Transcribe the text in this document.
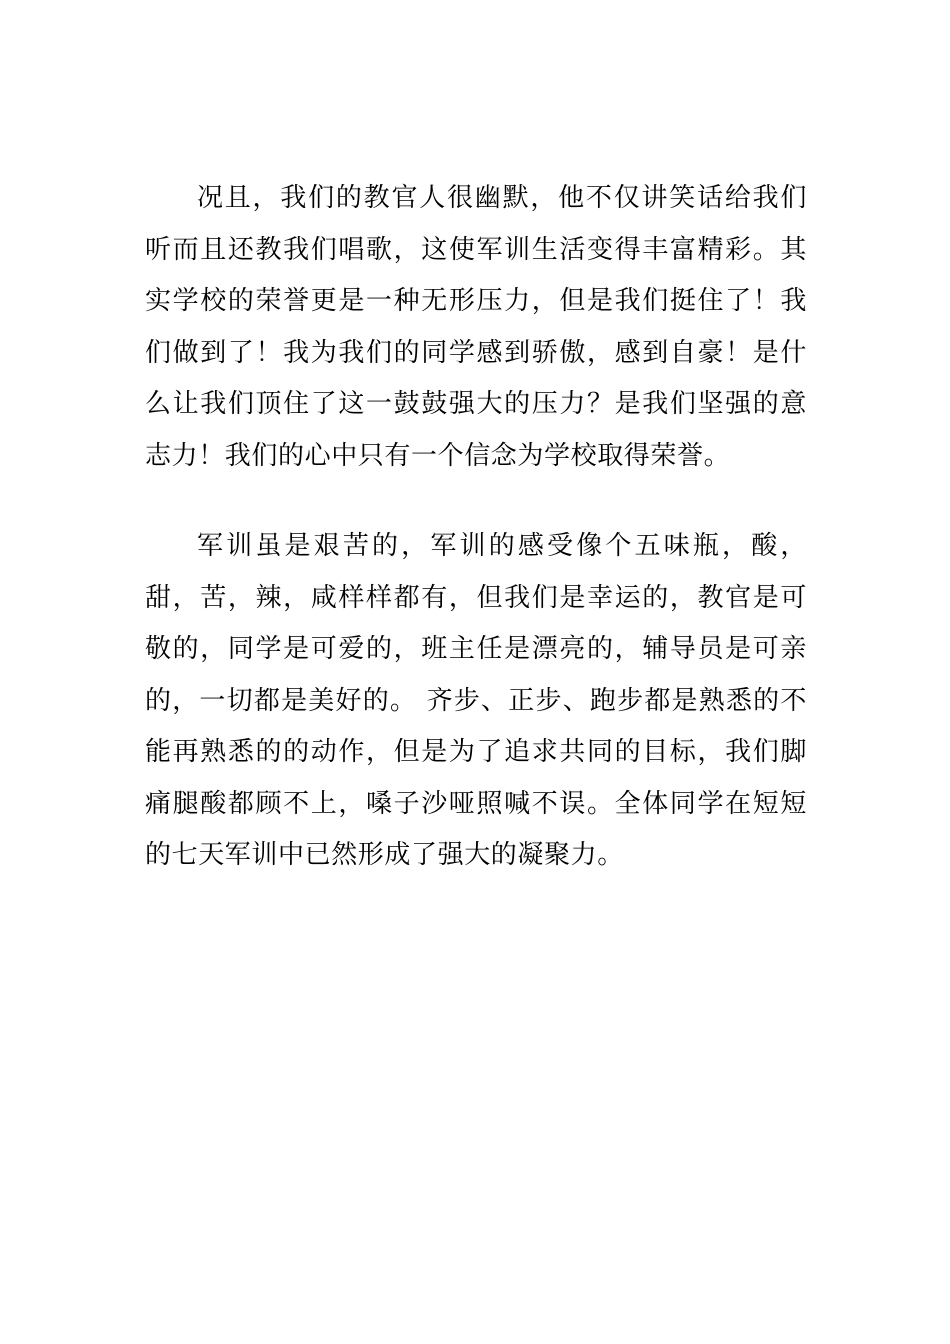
况且，我们的教官人很幽默，他不仅讲笑话给我们听而且还教我们唱歌，这使军训生活变得丰富精彩。其实学校的荣誉更是一种无形压力，但是我们挺住了！我们做到了！我为我们的同学感到骄傲，感到自豪！是什么让我们顶住了这一鼓鼓强大的压力？是我们坚强的意志力！我们的心中只有一个信念为学校取得荣誉。

军训虽是艰苦的，军训的感受像个五味瓶，酸，甜，苦，辣，咸样样都有，但我们是幸运的，教官是可敬的，同学是可爱的，班主任是漂亮的，辅导员是可亲的，一切都是美好的。 齐步、正步、跑步都是熟悉的不能再熟悉的的动作，但是为了追求共同的目标，我们脚痛腿酸都顾不上，嗓子沙哑照喊不误。全体同学在短短的七天军训中已然形成了强大的凝聚力。
